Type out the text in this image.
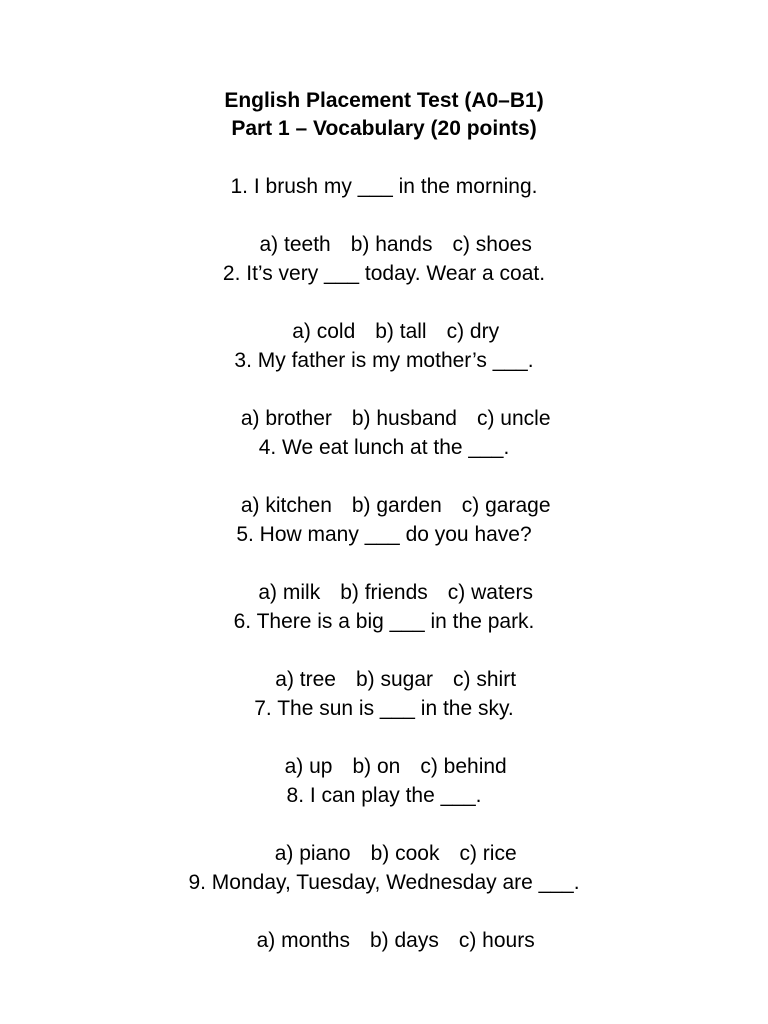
English Placement Test (A0–B1)
Part 1 – Vocabulary (20 points)
1. I brush my ___ in the morning.

a) teeth b) hands c) shoes

2. It’s very ___ today. Wear a coat.

a) cold b) tall c) dry

3. My father is my mother’s ___.

a) brother b) husband c) uncle

4. We eat lunch at the ___.

a) kitchen b) garden c) garage

5. How many ___ do you have?

a) milk b) friends c) waters

6. There is a big ___ in the park.

a) tree b) sugar c) shirt

7. The sun is ___ in the sky.

a) up b) on c) behind

8. I can play the ___.

a) piano b) cook c) rice

9. Monday, Tuesday, Wednesday are ___.

a) months b) days c) hours
